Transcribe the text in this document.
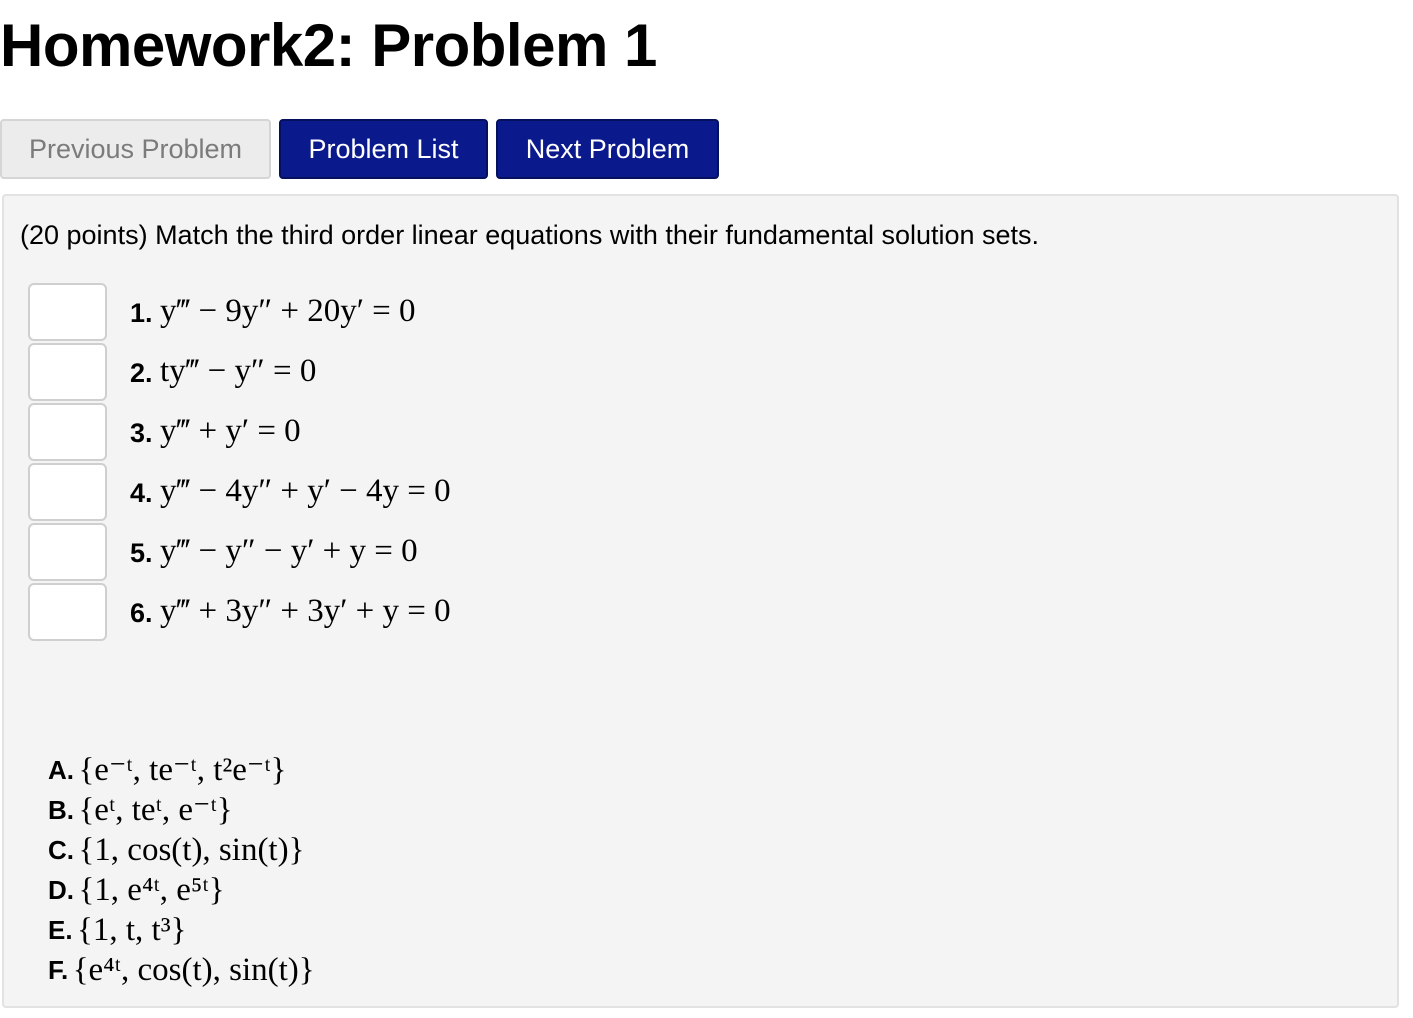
Homework2: Problem 1
Previous Problem	Problem List	Next Problem
(20 points) Match the third order linear equations with their fundamental solution sets.
1. y‴ − 9y″ + 20y′ = 0
2. ty‴ − y″ = 0
3. y‴ + y′ = 0
4. y‴ − 4y″ + y′ − 4y = 0
5. y‴ − y″ − y′ + y = 0
6. y‴ + 3y″ + 3y′ + y = 0
A. {e⁻ᵗ, te⁻ᵗ, t²e⁻ᵗ}
B. {eᵗ, teᵗ, e⁻ᵗ}
C. {1, cos(t), sin(t)}
D. {1, e⁴ᵗ, e⁵ᵗ}
E. {1, t, t³}
F. {e⁴ᵗ, cos(t), sin(t)}
